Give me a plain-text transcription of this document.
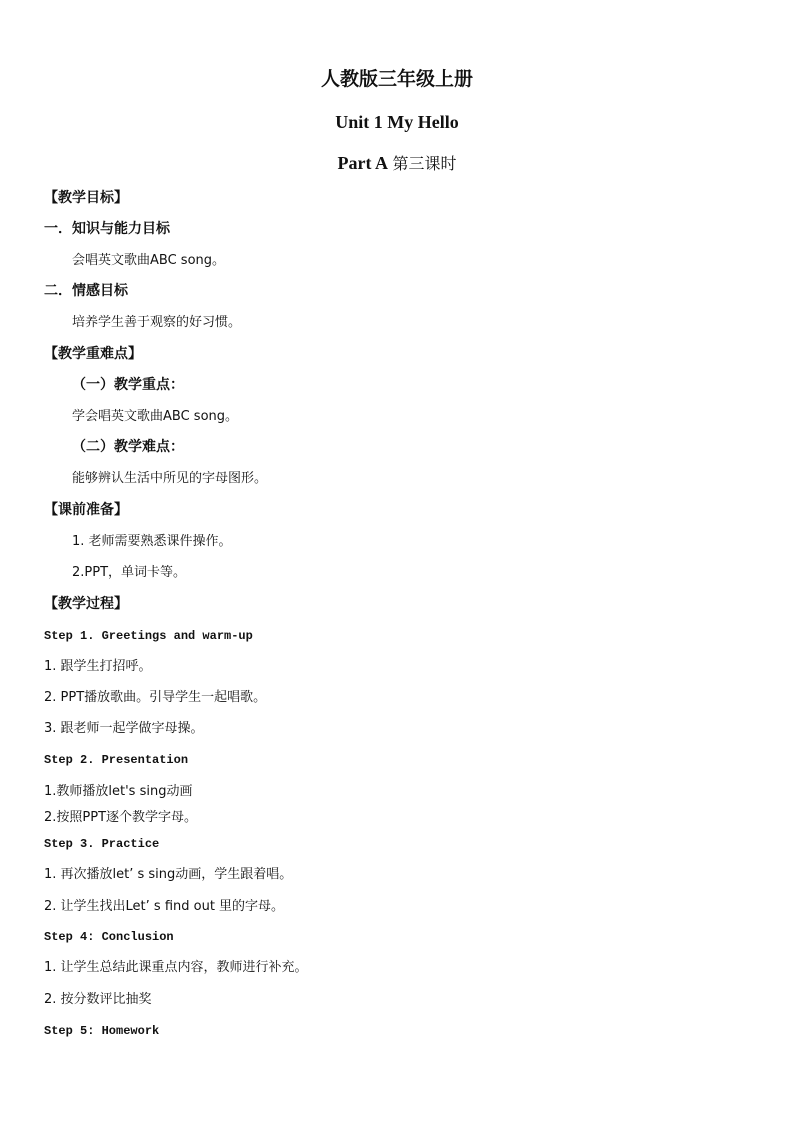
人教版三年级上册
Unit 1 My Hello
Part A 第三课时
【教学目标】
一．知识与能力目标
会唱英文歌曲ABC song。
二．情感目标
培养学生善于观察的好习惯。
【教学重难点】
（一）教学重点：
学会唱英文歌曲ABC song。
（二）教学难点：
能够辨认生活中所见的字母图形。
【课前准备】
1. 老师需要熟悉课件操作。
2.PPT，单词卡等。
【教学过程】
Step 1. Greetings and warm-up
1. 跟学生打招呼。
2. PPT播放歌曲。引导学生一起唱歌。
3. 跟老师一起学做字母操。
Step 2. Presentation
1.教师播放let's sing动画
2.按照PPT逐个教学字母。
Step 3. Practice
1. 再次播放let’ s sing动画，学生跟着唱。
2. 让学生找出Let’ s find out 里的字母。
Step 4: Conclusion
1. 让学生总结此课重点内容，教师进行补充。
2. 按分数评比抽奖
Step 5: Homework
